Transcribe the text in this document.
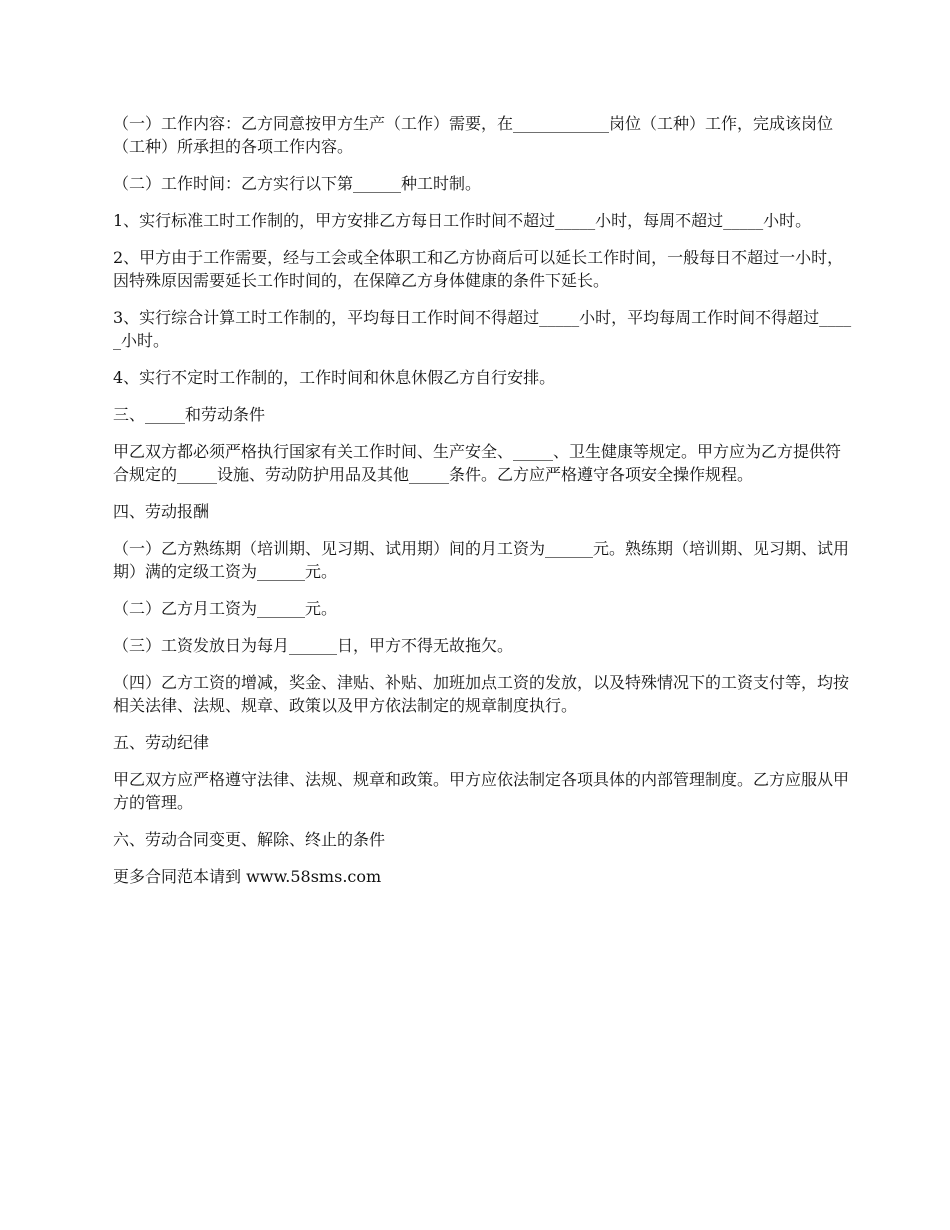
（一）工作内容：乙方同意按甲方生产（工作）需要，在____________岗位（工种）工作，完成该岗位（工种）所承担的各项工作内容。

（二）工作时间：乙方实行以下第______种工时制。

1、实行标准工时工作制的，甲方安排乙方每日工作时间不超过_____小时，每周不超过_____小时。

2、甲方由于工作需要，经与工会或全体职工和乙方协商后可以延长工作时间，一般每日不超过一小时，因特殊原因需要延长工作时间的，在保障乙方身体健康的条件下延长。

3、实行综合计算工时工作制的，平均每日工作时间不得超过_____小时，平均每周工作时间不得超过_____小时。

4、实行不定时工作制的，工作时间和休息休假乙方自行安排。

三、_____和劳动条件

甲乙双方都必须严格执行国家有关工作时间、生产安全、_____、卫生健康等规定。甲方应为乙方提供符合规定的_____设施、劳动防护用品及其他_____条件。乙方应严格遵守各项安全操作规程。

四、劳动报酬

（一）乙方熟练期（培训期、见习期、试用期）间的月工资为______元。熟练期（培训期、见习期、试用期）满的定级工资为______元。

（二）乙方月工资为______元。

（三）工资发放日为每月______日，甲方不得无故拖欠。

（四）乙方工资的增减，奖金、津贴、补贴、加班加点工资的发放，以及特殊情况下的工资支付等，均按相关法律、法规、规章、政策以及甲方依法制定的规章制度执行。

五、劳动纪律

甲乙双方应严格遵守法律、法规、规章和政策。甲方应依法制定各项具体的内部管理制度。乙方应服从甲方的管理。

六、劳动合同变更、解除、终止的条件

更多合同范本请到 www.58sms.com
